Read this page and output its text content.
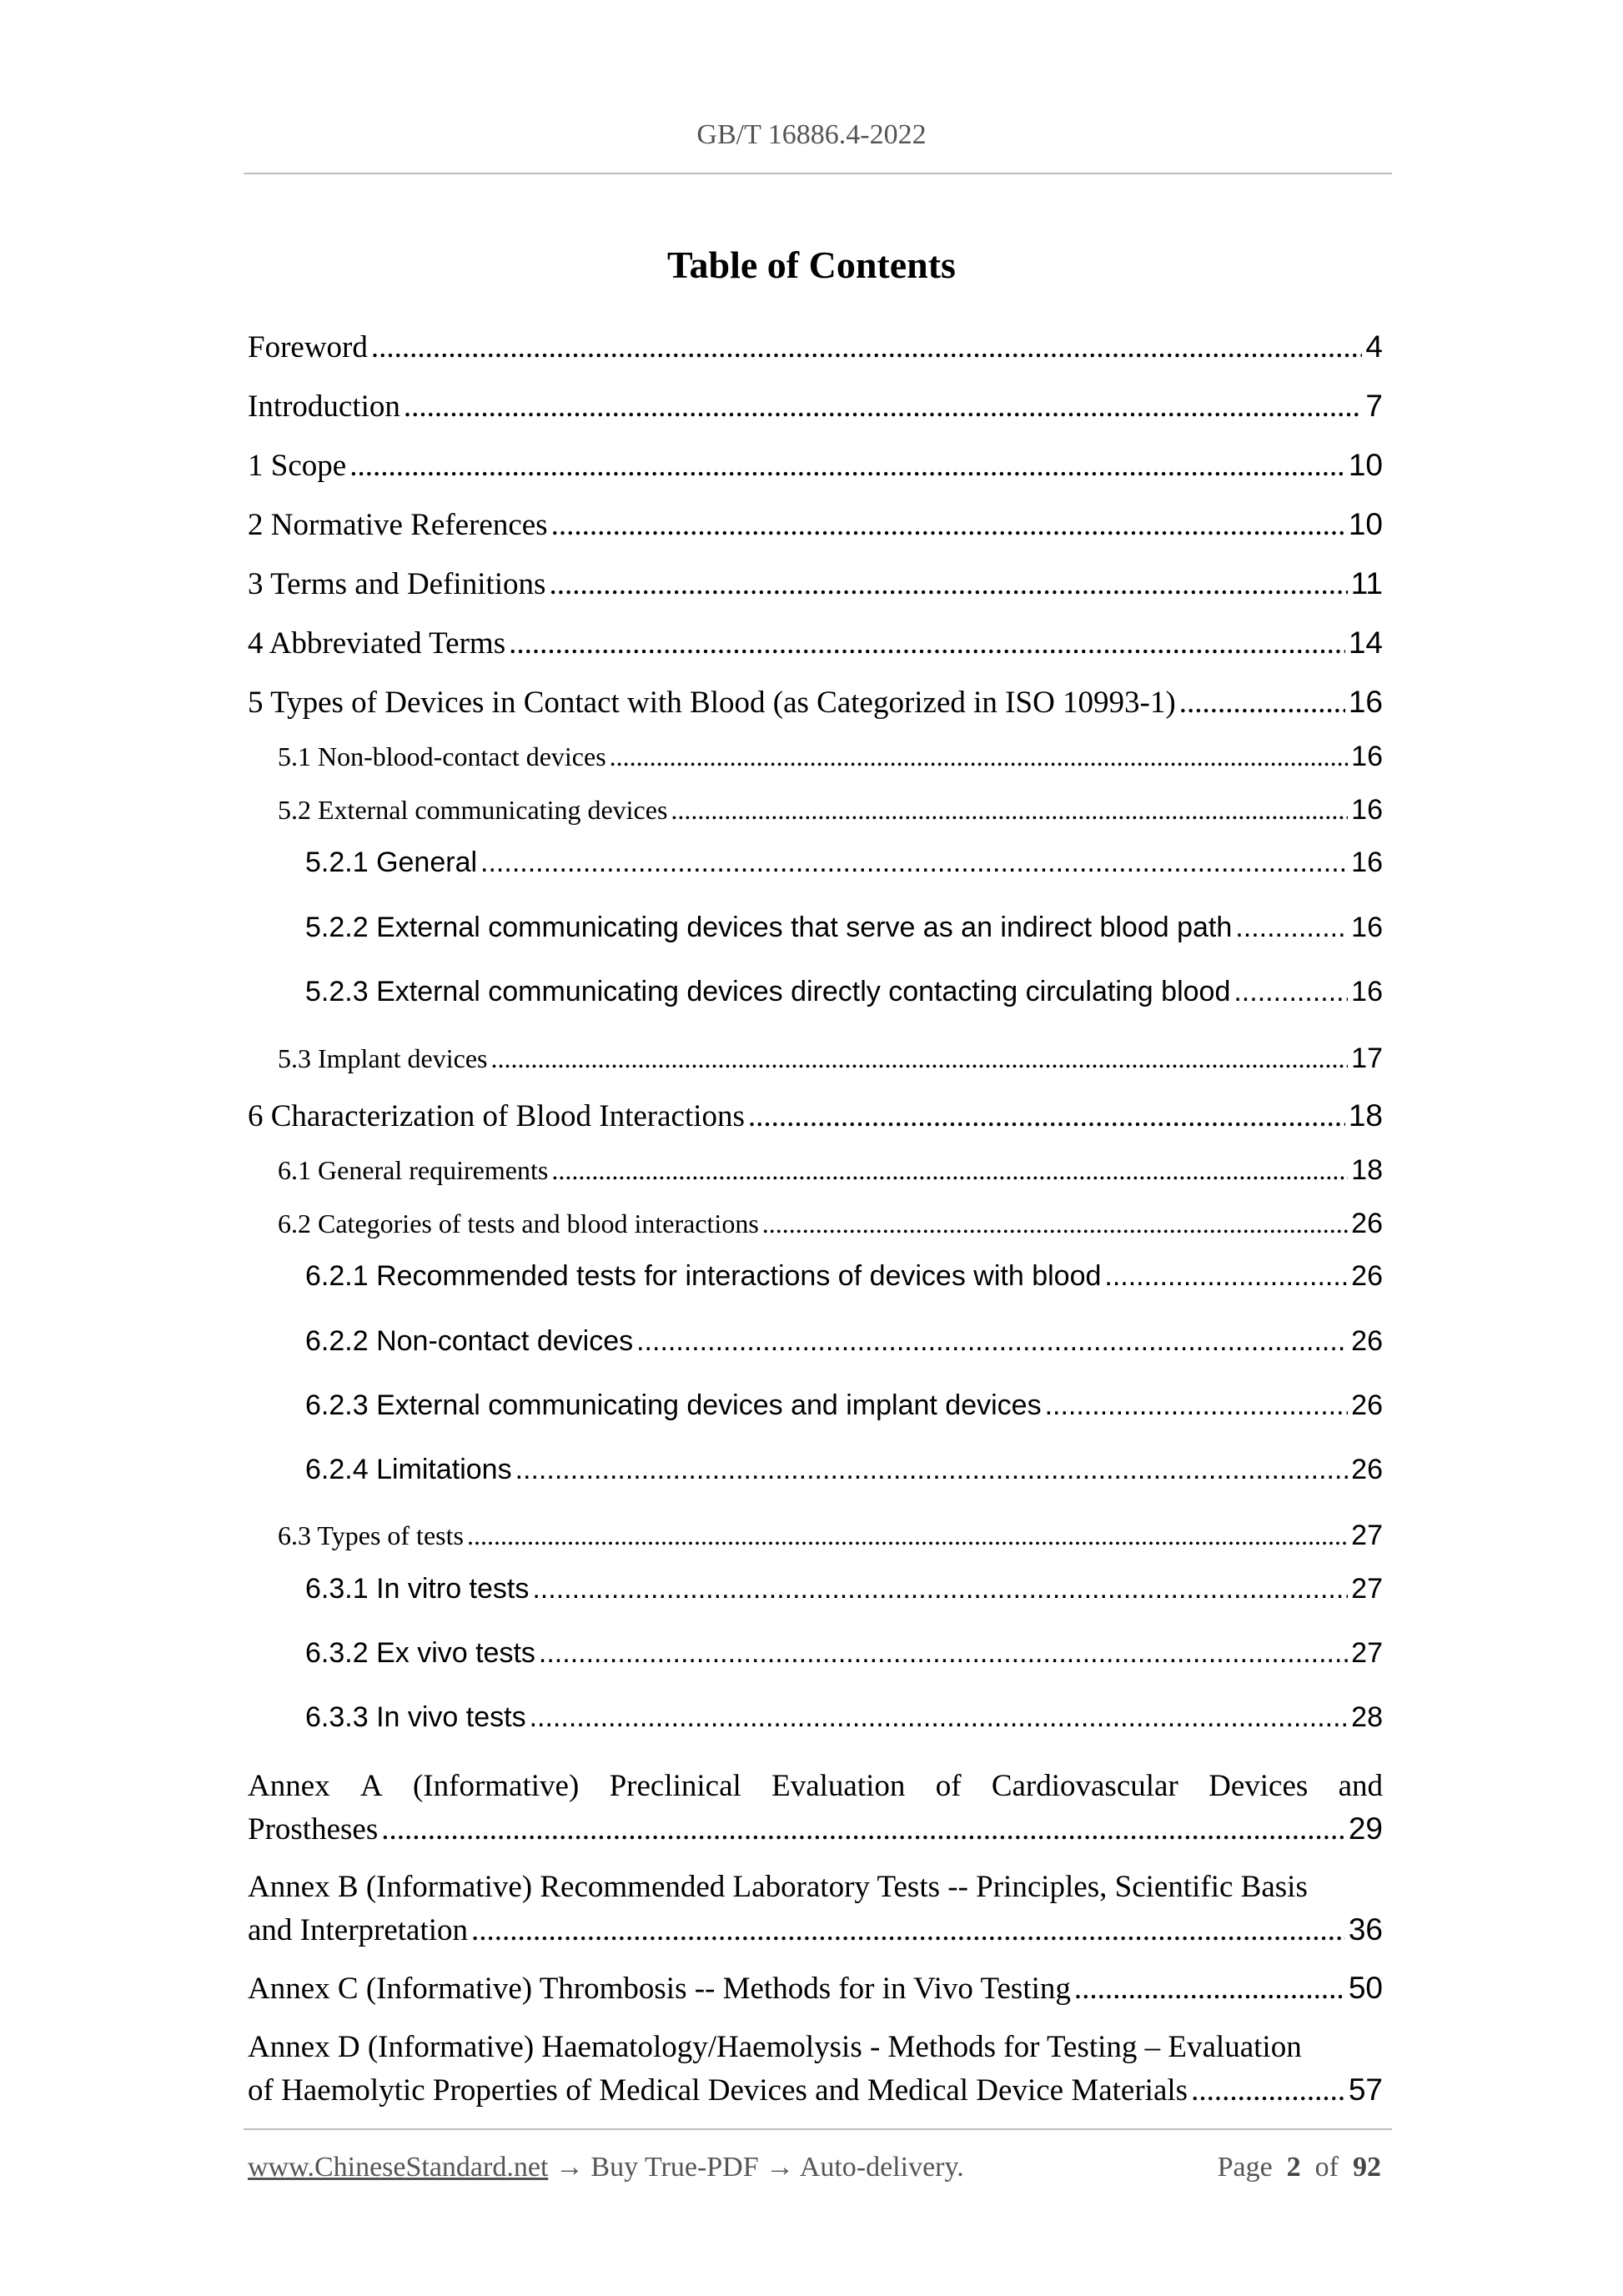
GB/T 16886.4-2022
Table of Contents
Foreword .....	4
Introduction .....	7
1 Scope .....	10
2 Normative References .....	10
3 Terms and Definitions .....	11
4 Abbreviated Terms .....	14
5 Types of Devices in Contact with Blood (as Categorized in ISO 10993-1) .....	16
5.1 Non-blood-contact devices .....	16
5.2 External communicating devices .....	16
5.2.1 General .....	16
5.2.2 External communicating devices that serve as an indirect blood path .....	16
5.2.3 External communicating devices directly contacting circulating blood .....	16
5.3 Implant devices .....	17
6 Characterization of Blood Interactions .....	18
6.1 General requirements .....	18
6.2 Categories of tests and blood interactions .....	26
6.2.1 Recommended tests for interactions of devices with blood .....	26
6.2.2 Non-contact devices .....	26
6.2.3 External communicating devices and implant devices .....	26
6.2.4 Limitations .....	26
6.3 Types of tests .....	27
6.3.1 In vitro tests .....	27
6.3.2 Ex vivo tests .....	27
6.3.3 In vivo tests .....	28
Annex A (Informative) Preclinical Evaluation of Cardiovascular Devices and
Prostheses .....	29
Annex B (Informative) Recommended Laboratory Tests -- Principles, Scientific Basis
and Interpretation .....	36
Annex C (Informative) Thrombosis -- Methods for in Vivo Testing .....	50
Annex D (Informative) Haematology/Haemolysis - Methods for Testing – Evaluation
of Haemolytic Properties of Medical Devices and Medical Device Materials .....	57
www.ChineseStandard.net → Buy True-PDF → Auto-delivery.	Page 2 of 92
